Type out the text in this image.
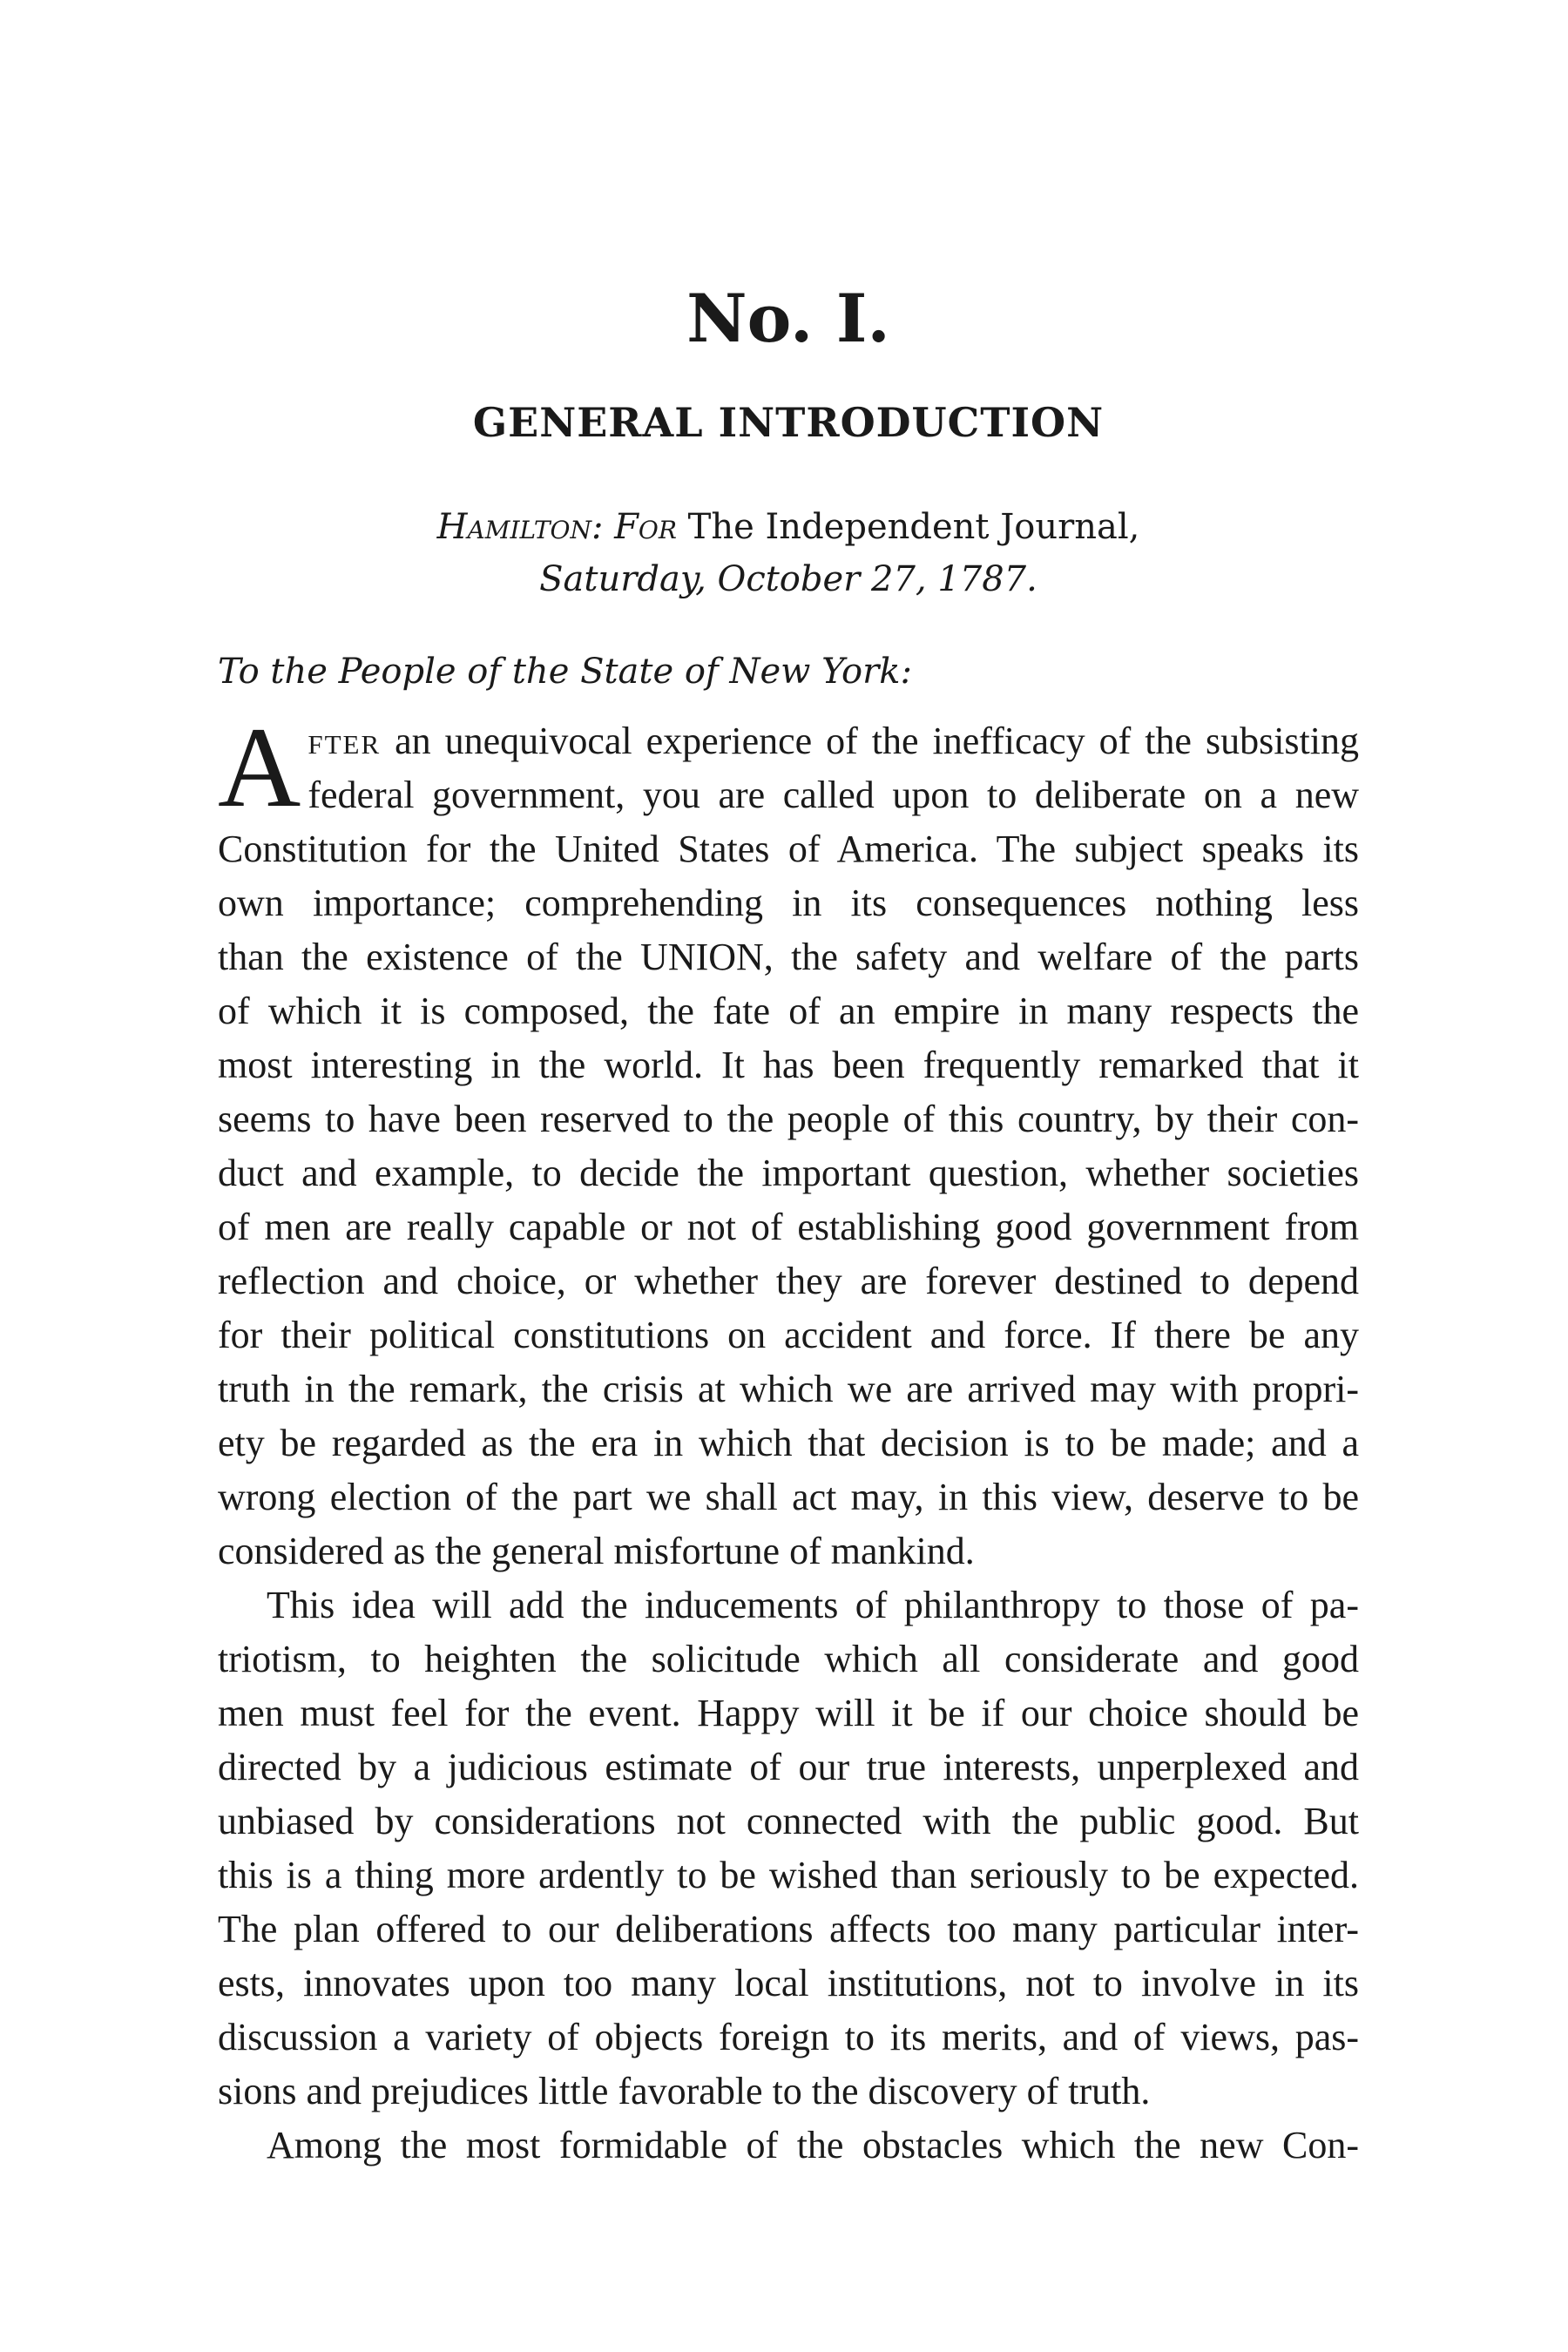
No. I.
GENERAL INTRODUCTION
Hamilton: For The Independent Journal,
Saturday, October 27, 1787.

To the People of the State of New York:

A fter an unequivocal experience of the inefficacy of the subsisting
federal government, you are called upon to deliberate on a new
Constitution for the United States of America. The subject speaks its
own importance; comprehending in its consequences nothing less
than the existence of the UNION, the safety and welfare of the parts
of which it is composed, the fate of an empire in many respects the
most interesting in the world. It has been frequently remarked that it
seems to have been reserved to the people of this country, by their con-
duct and example, to decide the important question, whether societies
of men are really capable or not of establishing good government from
reflection and choice, or whether they are forever destined to depend
for their political constitutions on accident and force. If there be any
truth in the remark, the crisis at which we are arrived may with propri-
ety be regarded as the era in which that decision is to be made; and a
wrong election of the part we shall act may, in this view, deserve to be
considered as the general misfortune of mankind.
This idea will add the inducements of philanthropy to those of pa-
triotism, to heighten the solicitude which all considerate and good
men must feel for the event. Happy will it be if our choice should be
directed by a judicious estimate of our true interests, unperplexed and
unbiased by considerations not connected with the public good. But
this is a thing more ardently to be wished than seriously to be expected.
The plan offered to our deliberations affects too many particular inter-
ests, innovates upon too many local institutions, not to involve in its
discussion a variety of objects foreign to its merits, and of views, pas-
sions and prejudices little favorable to the discovery of truth.
Among the most formidable of the obstacles which the new Con-
